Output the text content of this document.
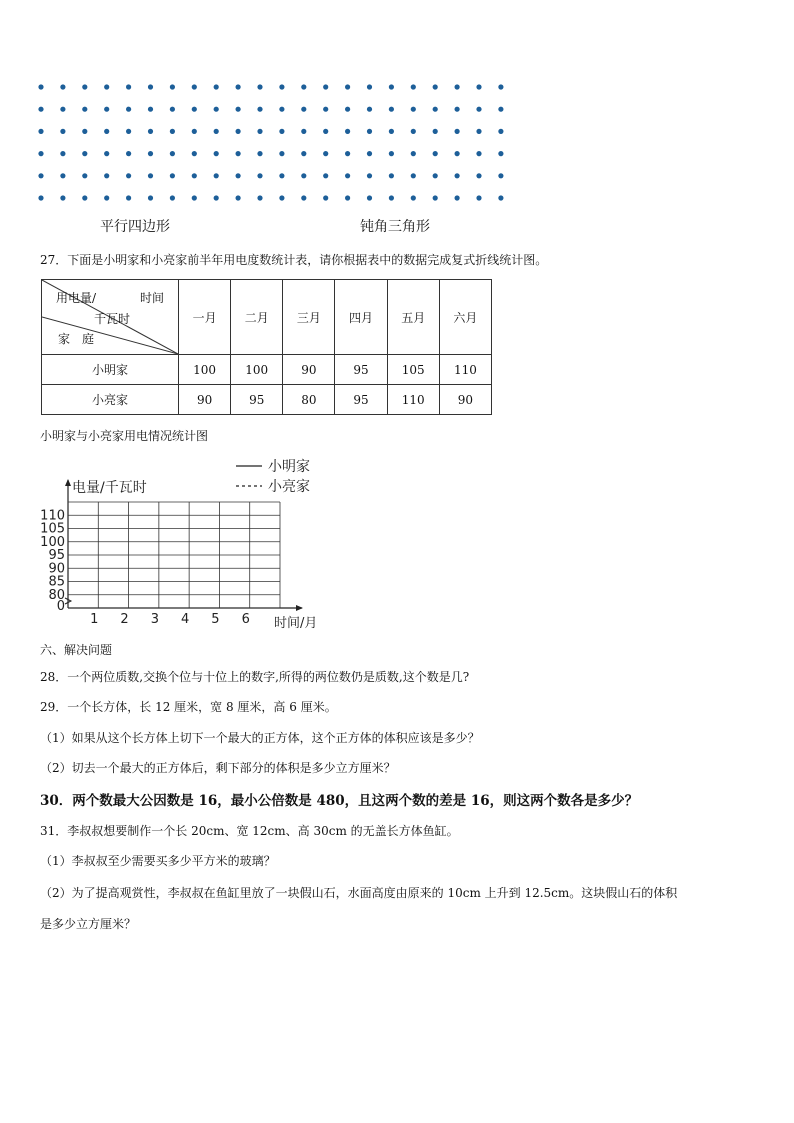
平行四边形	钝角三角形
27．下面是小明家和小亮家前半年用电度数统计表，请你根据表中的数据完成复式折线统计图。
用电量/ 时间
千瓦时
家　庭	一月	二月	三月	四月	五月	六月
小明家	100	100	90	95	105	110
小亮家	90	95	80	95	110	90
小明家与小亮家用电情况统计图
0
80
85
90
95
100
105
110
1 2 3 4 5 6
电量/千瓦时
时间/月
小明家
小亮家
六、解决问题
28．一个两位质数,交换个位与十位上的数字,所得的两位数仍是质数,这个数是几?
29．一个长方体，长 12 厘米，宽 8 厘米，高 6 厘米。
（1）如果从这个长方体上切下一个最大的正方体，这个正方体的体积应该是多少？
（2）切去一个最大的正方体后，剩下部分的体积是多少立方厘米？
30．两个数最大公因数是 16，最小公倍数是 480，且这两个数的差是 16，则这两个数各是多少？
31．李叔叔想要制作一个长 20cm、宽 12cm、高 30cm 的无盖长方体鱼缸。
（1）李叔叔至少需要买多少平方米的玻璃？
（2）为了提高观赏性，李叔叔在鱼缸里放了一块假山石，水面高度由原来的 10cm 上升到 12.5cm。这块假山石的体积
是多少立方厘米？
